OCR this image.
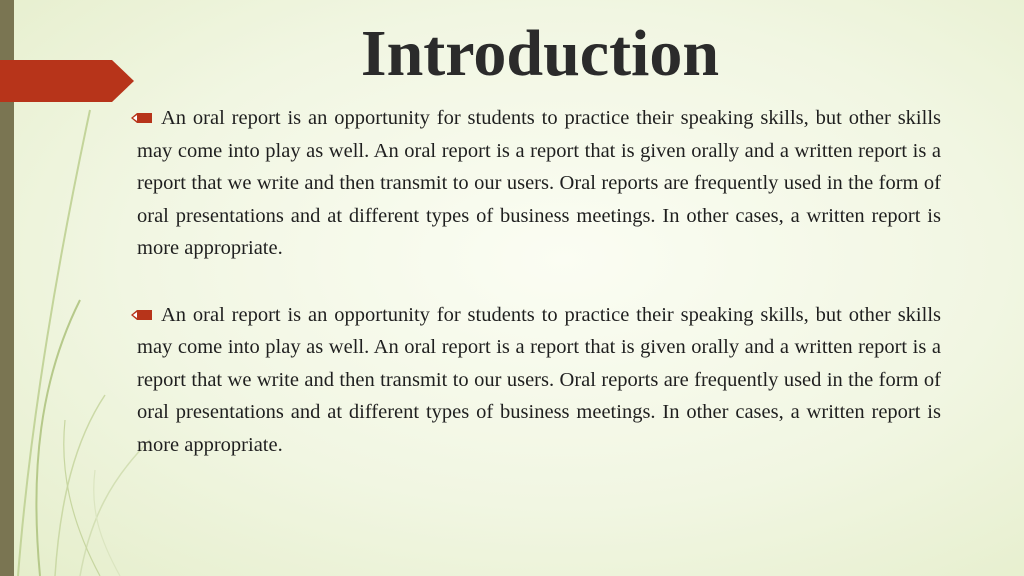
Introduction

An oral report is an opportunity for students to practice their speaking skills, but other skills may come into play as well. An oral report is a report that is given orally and a written report is a report that we write and then transmit to our users. Oral reports are frequently used in the form of oral presentations and at different types of business meetings. In other cases, a written report is more appropriate.

An oral report is an opportunity for students to practice their speaking skills, but other skills may come into play as well. An oral report is a report that is given orally and a written report is a report that we write and then transmit to our users. Oral reports are frequently used in the form of oral presentations and at different types of business meetings. In other cases, a written report is more appropriate.
